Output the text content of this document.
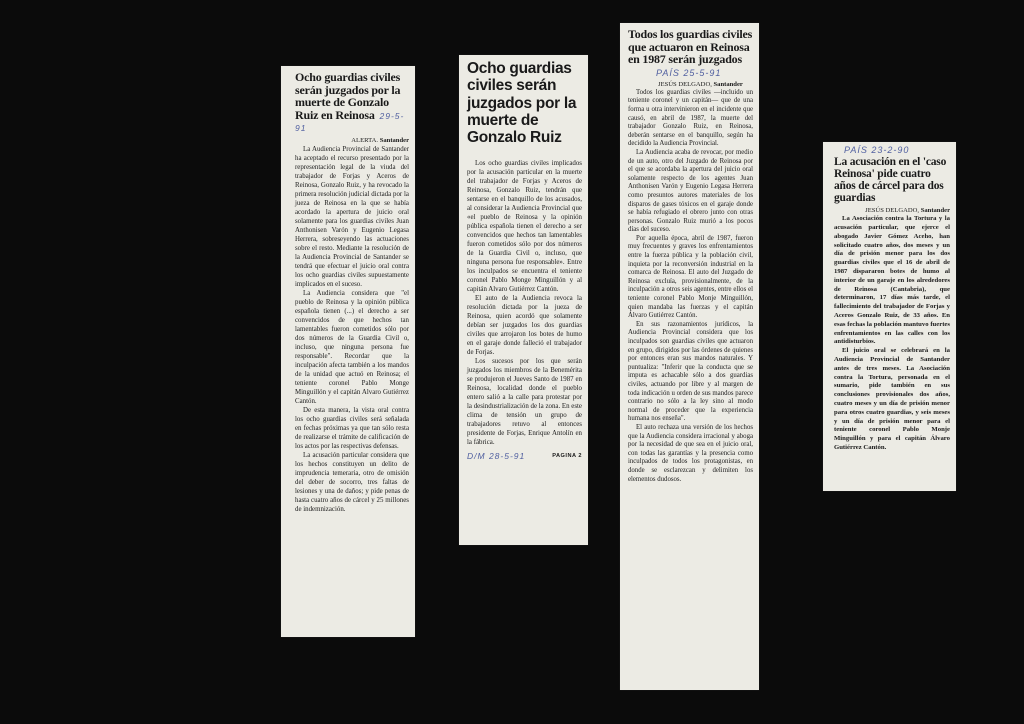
Ocho guardias civiles serán juzgados por la muerte de Gonzalo Ruiz en Reinosa 29-5-91
ALERTA. Santander

La Audiencia Provincial de Santander ha aceptado el recurso presentado por la representación legal de la viuda del trabajador de Forjas y Aceros de Reinosa, Gonzalo Ruiz, y ha revocado la primera resolución judicial dictada por la jueza de Reinosa en la que se había acordado la apertura de juicio oral solamente para los guardias civiles Juan Anthonisen Varón y Eugenio Legasa Herrera, sobreseyendo las actuaciones sobre el resto. Mediante la resolución de la Audiencia Provincial de Santander se tendrá que efectuar el juicio oral contra los ocho guardias civiles supuestamente implicados en el suceso.

La Audiencia considera que "el pueblo de Reinosa y la opinión pública española tienen (...) el derecho a ser convencidos de que hechos tan lamentables fueron cometidos sólo por dos números de la Guardia Civil o, incluso, que ninguna persona fue responsable". Recordar que la inculpación afecta también a los mandos de la unidad que actuó en Reinosa; el teniente coronel Pablo Monge Minguillón y el capitán Alvaro Gutiérrez Cantón.

De esta manera, la vista oral contra los ocho guardias civiles será señalada en fechas próximas ya que tan sólo resta de realizarse el trámite de calificación de los actos por las respectivas defensas.

La acusación particular considera que los hechos constituyen un delito de imprudencia temeraria, otro de omisión del deber de socorro, tres faltas de lesiones y una de daños; y pide penas de hasta cuatro años de cárcel y 25 millones de indemnización.

Ocho guardias civiles serán juzgados por la muerte de Gonzalo Ruiz

Los ocho guardias civiles implicados por la acusación particular en la muerte del trabajador de Forjas y Aceros de Reinosa, Gonzalo Ruiz, tendrán que sentarse en el banquillo de los acusados, al considerar la Audiencia Provincial que «el pueblo de Reinosa y la opinión pública española tienen el derecho a ser convencidos que hechos tan lamentables fueron cometidos sólo por dos números de la Guardia Civil o, incluso, que ninguna persona fue responsable». Entre los inculpados se encuentra el teniente coronel Pablo Monge Minguillón y al capitán Alvaro Gutiérrez Cantón.

El auto de la Audiencia revoca la resolución dictada por la jueza de Reinosa, quien acordó que solamente debían ser juzgados los dos guardias civiles que arrojaron los botes de humo en el garaje donde falleció el trabajador de Forjas.

Los sucesos por los que serán juzgados los miembros de la Benemérita se produjeron el Jueves Santo de 1987 en Reinosa, localidad donde el pueblo entero salió a la calle para protestar por la desindustrialización de la zona. En este clima de tensión un grupo de trabajadores retuvo al entonces presidente de Forjas, Enrique Antolín en la fábrica.

D/M 28-5-91	PAGINA 2
Todos los guardias civiles que actuaron en Reinosa en 1987 serán juzgados
PAÍS 25-5-91
JESÚS DELGADO, Santander

Todos los guardias civiles —incluido un teniente coronel y un capitán— que de una forma u otra intervinieron en el incidente que causó, en abril de 1987, la muerte del trabajador Gonzalo Ruiz, en Reinosa, deberán sentarse en el banquillo, según ha decidido la Audiencia Provincial.

La Audiencia acaba de revocar, por medio de un auto, otro del Juzgado de Reinosa por el que se acordaba la apertura del juicio oral solamente respecto de los agentes Juan Anthonisen Varón y Eugenio Legasa Herrera como presuntos autores materiales de los disparos de gases tóxicos en el garaje donde se había refugiado el obrero junto con otras personas. Gonzalo Ruiz murió a los pocos días del suceso.

Por aquella época, abril de 1987, fueron muy frecuentes y graves los enfrentamientos entre la fuerza pública y la población civil, inquieta por la reconversión industrial en la comarca de Reinosa. El auto del Juzgado de Reinosa excluía, provisionalmente, de la inculpación a otros seis agentes, entre ellos el teniente coronel Pablo Monje Minguillón, quien mandaba las fuerzas y el capitán Álvaro Gutiérrez Cantón.

En sus razonamientos jurídicos, la Audiencia Provincial considera que los inculpados son guardias civiles que actuaron en grupo, dirigidos por las órdenes de quienes por entonces eran sus mandos naturales. Y puntualiza: "Inferir que la conducta que se imputa es achacable sólo a dos guardias civiles, actuando por libre y al margen de toda indicación u orden de sus mandos parece contrario no sólo a la ley sino al modo normal de proceder que la experiencia humana nos enseña".

El auto rechaza una versión de los hechos que la Audiencia considera irracional y aboga por la necesidad de que sea en el juicio oral, con todas las garantías y la presencia como inculpados de todos los protagonistas, en donde se esclarezcan y delimiten los elementos dudosos.

PAÍS 23-2-90
La acusación en el 'caso Reinosa' pide cuatro años de cárcel para dos guardias
JESÚS DELGADO, Santander

La Asociación contra la Tortura y la acusación particular, que ejerce el abogado Javier Gómez Aceho, han solicitado cuatro años, dos meses y un día de prisión menor para los dos guardias civiles que el 16 de abril de 1987 dispararon botes de humo al interior de un garaje en los alrededores de Reinosa (Cantabria), que determinaron, 17 días más tarde, el fallecimiento del trabajador de Forjas y Aceros Gonzalo Ruiz, de 33 años. En esas fechas la población mantuvo fuertes enfrentamientos en las calles con los antidisturbios.

El juicio oral se celebrará en la Audiencia Provincial de Santander antes de tres meses. La Asociación contra la Tortura, personada en el sumario, pide también en sus conclusiones provisionales dos años, cuatro meses y un día de prisión menor para otros cuatro guardias, y seis meses y un día de prisión menor para el teniente coronel Pablo Monje Minguillón y para el capitán Álvaro Gutiérrez Cantón.
